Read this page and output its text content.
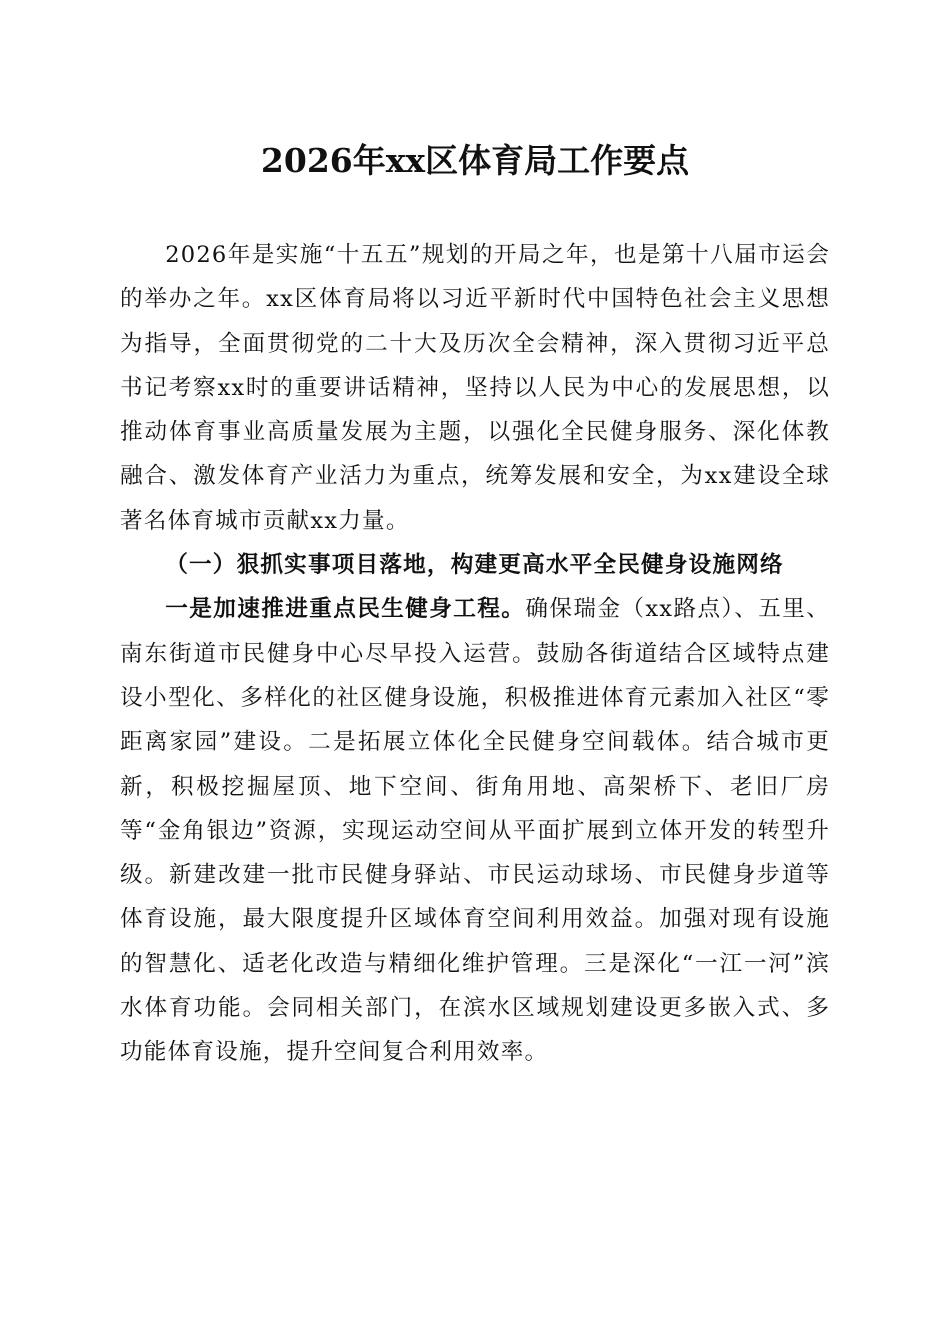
2026年xx区体育局工作要点

2026年是实施“十五五”规划的开局之年，也是第十八届市运会的举办之年。xx区体育局将以习近平新时代中国特色社会主义思想为指导，全面贯彻党的二十大及历次全会精神，深入贯彻习近平总书记考察xx时的重要讲话精神，坚持以人民为中心的发展思想，以推动体育事业高质量发展为主题，以强化全民健身服务、深化体教融合、激发体育产业活力为重点，统筹发展和安全，为xx建设全球著名体育城市贡献xx力量。

（一）狠抓实事项目落地，构建更高水平全民健身设施网络

一是加速推进重点民生健身工程。确保瑞金（xx路点）、五里、南东街道市民健身中心尽早投入运营。鼓励各街道结合区域特点建设小型化、多样化的社区健身设施，积极推进体育元素加入社区“零距离家园”建设。二是拓展立体化全民健身空间载体。结合城市更新，积极挖掘屋顶、地下空间、街角用地、高架桥下、老旧厂房等“金角银边”资源，实现运动空间从平面扩展到立体开发的转型升级。新建改建一批市民健身驿站、市民运动球场、市民健身步道等体育设施，最大限度提升区域体育空间利用效益。加强对现有设施的智慧化、适老化改造与精细化维护管理。三是深化“一江一河”滨水体育功能。会同相关部门，在滨水区域规划建设更多嵌入式、多功能体育设施，提升空间复合利用效率。
